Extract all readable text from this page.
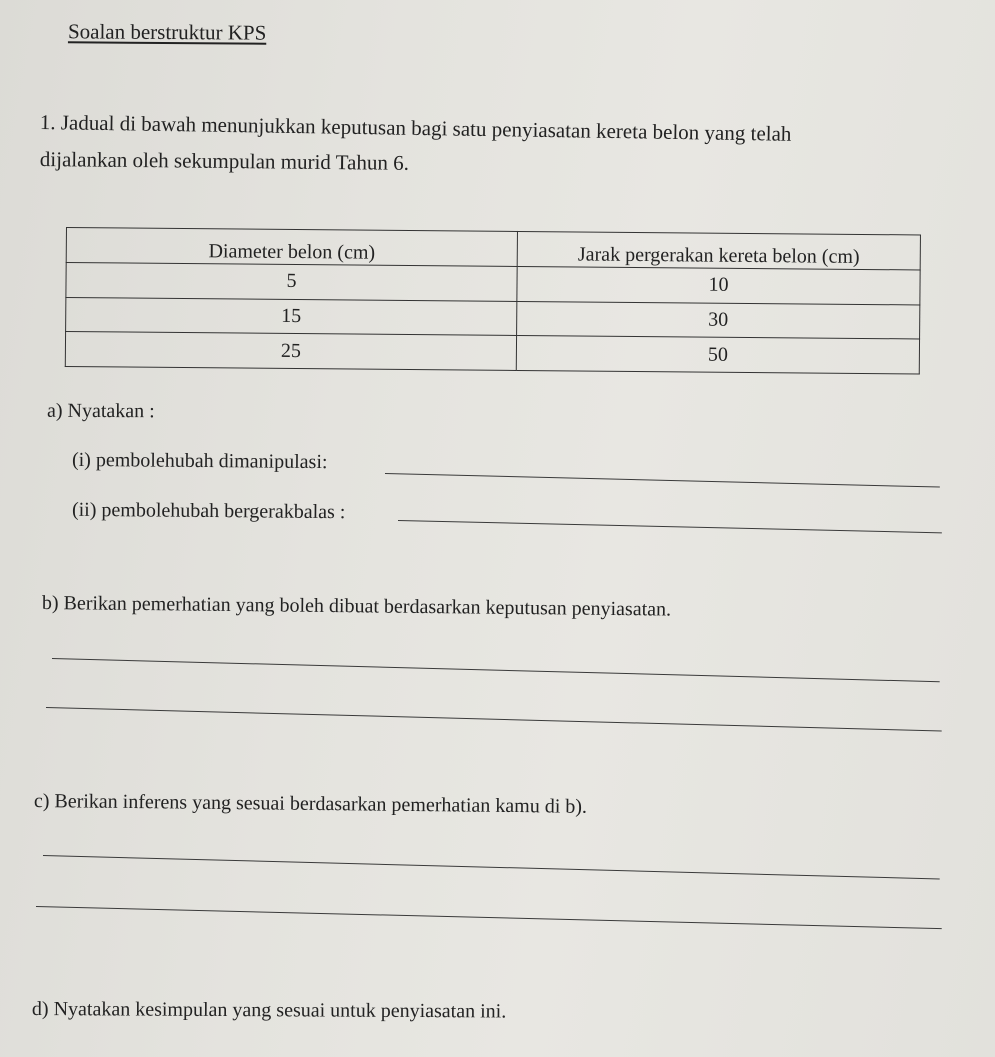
Soalan berstruktur KPS
1. Jadual di bawah menunjukkan keputusan bagi satu penyiasatan kereta belon yang telah
dijalankan oleh sekumpulan murid Tahun 6.
Diameter belon (cm)	Jarak pergerakan kereta belon (cm)
5	10
15	30
25	50
a) Nyatakan :
(i) pembolehubah dimanipulasi:
(ii) pembolehubah bergerakbalas :
b) Berikan pemerhatian yang boleh dibuat berdasarkan keputusan penyiasatan.
c) Berikan inferens yang sesuai berdasarkan pemerhatian kamu di b).
d) Nyatakan kesimpulan yang sesuai untuk penyiasatan ini.
